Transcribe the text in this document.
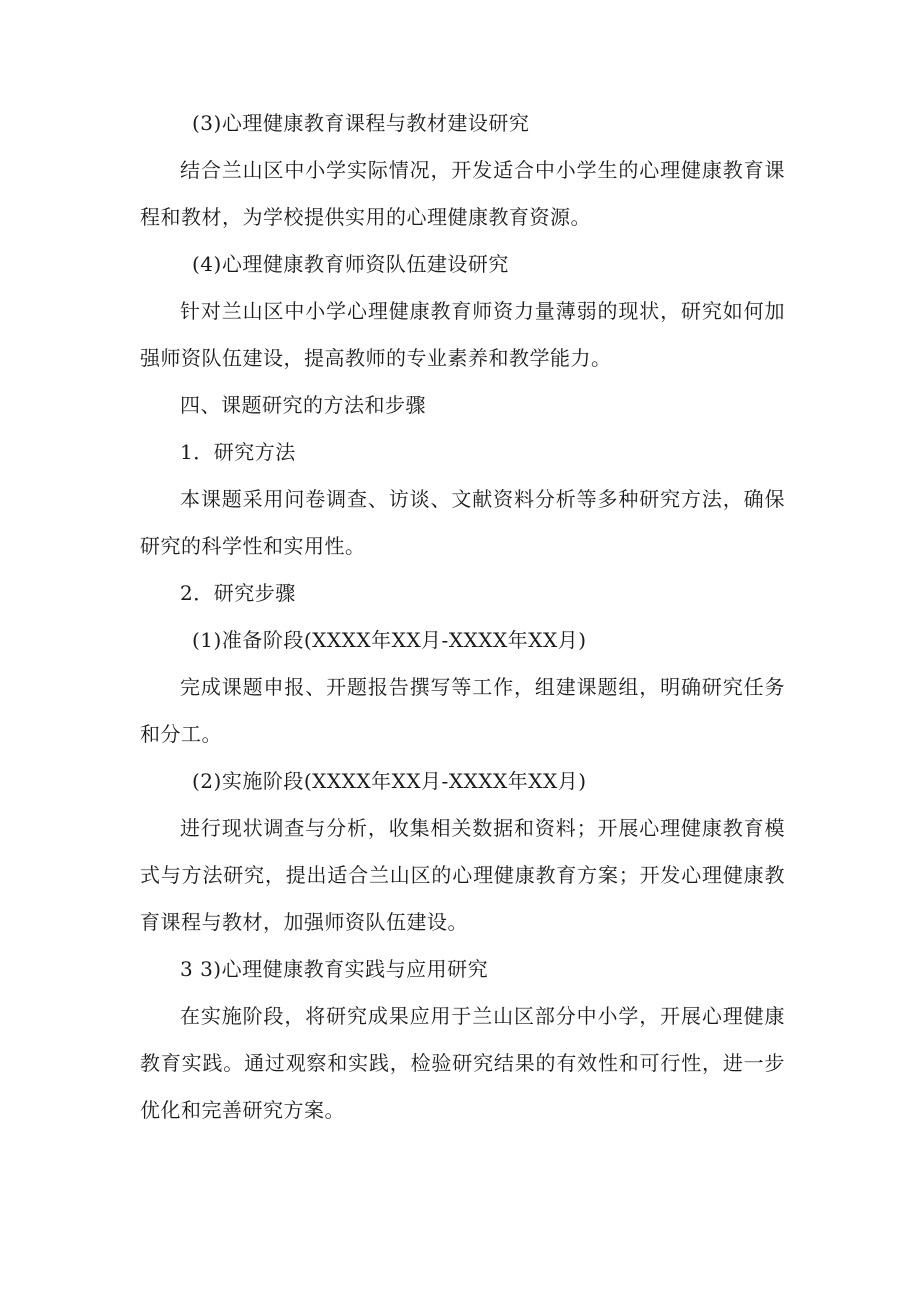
(3)心理健康教育课程与教材建设研究

结合兰山区中小学实际情况，开发适合中小学生的心理健康教育课程和教材，为学校提供实用的心理健康教育资源。

(4)心理健康教育师资队伍建设研究

针对兰山区中小学心理健康教育师资力量薄弱的现状，研究如何加强师资队伍建设，提高教师的专业素养和教学能力。

四、课题研究的方法和步骤

1．研究方法

本课题采用问卷调查、访谈、文献资料分析等多种研究方法，确保研究的科学性和实用性。

2．研究步骤

(1)准备阶段(XXXX年XX月-XXXX年XX月)

完成课题申报、开题报告撰写等工作，组建课题组，明确研究任务和分工。

(2)实施阶段(XXXX年XX月-XXXX年XX月)

进行现状调查与分析，收集相关数据和资料；开展心理健康教育模式与方法研究，提出适合兰山区的心理健康教育方案；开发心理健康教育课程与教材，加强师资队伍建设。

3 3)心理健康教育实践与应用研究

在实施阶段，将研究成果应用于兰山区部分中小学，开展心理健康教育实践。通过观察和实践，检验研究结果的有效性和可行性，进一步优化和完善研究方案。
